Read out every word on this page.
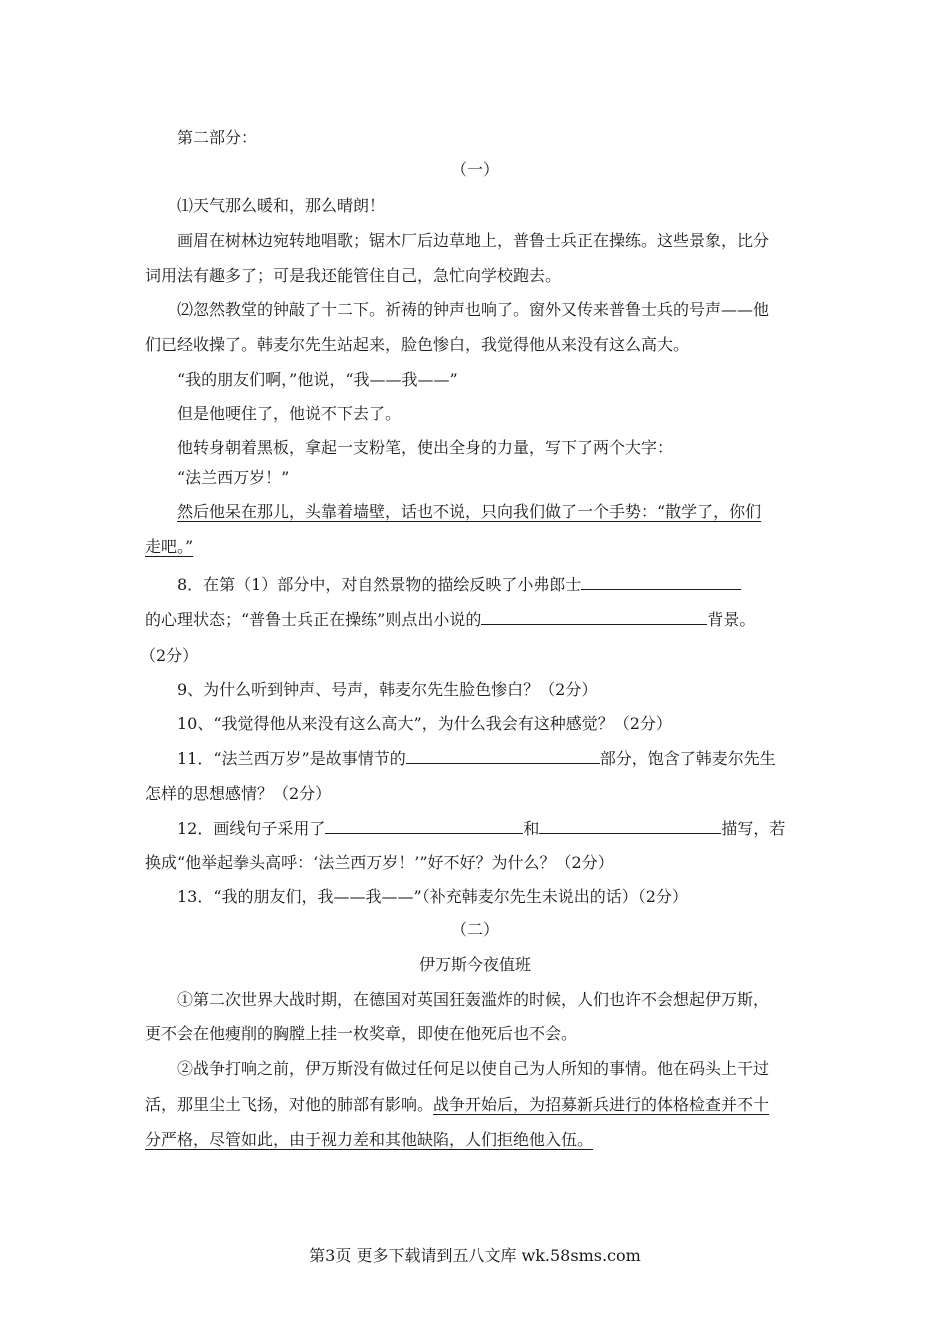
第二部分：
（一）
⑴天气那么暖和，那么晴朗！
画眉在树林边宛转地唱歌；锯木厂后边草地上，普鲁士兵正在操练。这些景象，比分
词用法有趣多了；可是我还能管住自己，急忙向学校跑去。
⑵忽然教堂的钟敲了十二下。祈祷的钟声也响了。窗外又传来普鲁士兵的号声——他
们已经收操了。韩麦尔先生站起来，脸色惨白，我觉得他从来没有这么高大。
“我的朋友们啊，”他说，“我——我——”
但是他哽住了，他说不下去了。
他转身朝着黑板，拿起一支粉笔，使出全身的力量，写下了两个大字：
“法兰西万岁！”
然后他呆在那儿，头靠着墙壁，话也不说，只向我们做了一个手势：“散学了，你们
走吧。”
8．在第（1）部分中，对自然景物的描绘反映了小弗郎士
的心理状态；“普鲁士兵正在操练”则点出小说的	背景。
（2分）
9、为什么听到钟声、号声，韩麦尔先生脸色惨白？（2分）
10、“我觉得他从来没有这么高大”，为什么我会有这种感觉？（2分）
11．“法兰西万岁”是故事情节的	部分，饱含了韩麦尔先生
怎样的思想感情？（2分）
12．画线句子采用了	和	描写，若
换成“他举起拳头高呼：‘法兰西万岁！’”好不好？为什么？（2分）
13．“我的朋友们，我——我——”（补充韩麦尔先生未说出的话）（2分）
（二）
伊万斯今夜值班
①第二次世界大战时期，在德国对英国狂轰滥炸的时候，人们也许不会想起伊万斯，
更不会在他瘦削的胸膛上挂一枚奖章，即使在他死后也不会。
②战争打响之前，伊万斯没有做过任何足以使自己为人所知的事情。他在码头上干过
活，那里尘土飞扬，对他的肺部有影响。战争开始后，为招募新兵进行的体格检查并不十
分严格，尽管如此，由于视力差和其他缺陷，人们拒绝他入伍。
第3页 更多下载请到五八文库 wk.58sms.com
